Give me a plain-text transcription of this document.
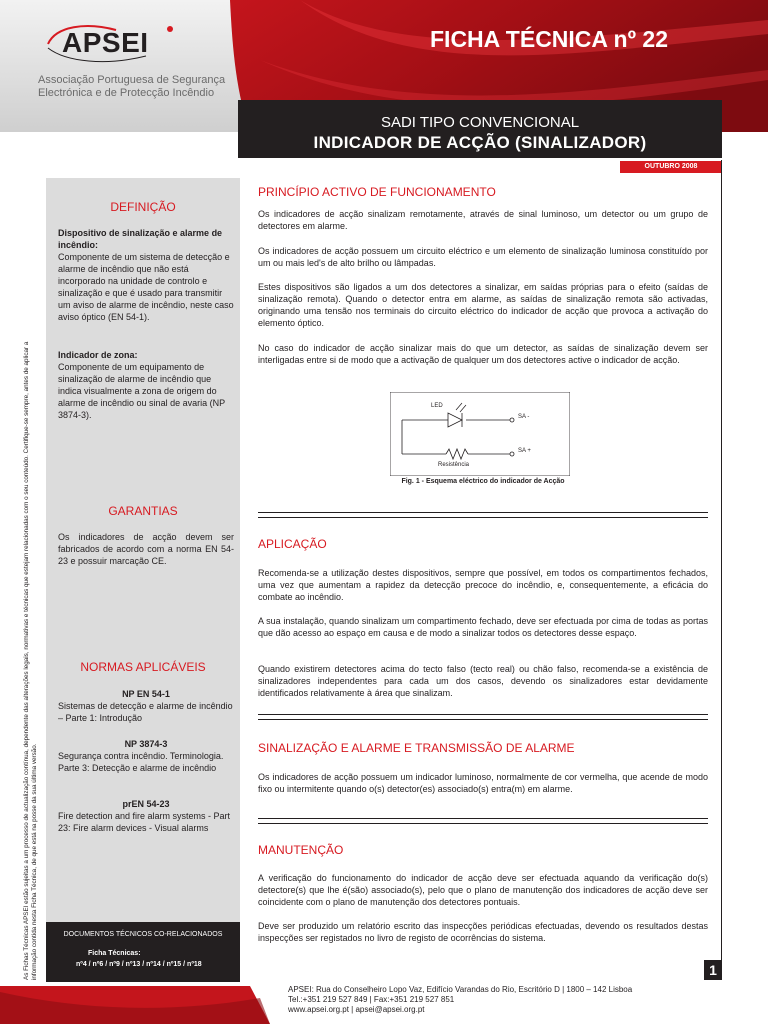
APSEI
Associação Portuguesa de Segurança
Electrónica e de Protecção Incêndio
FICHA TÉCNICA nº 22
SADI TIPO CONVENCIONAL
INDICADOR DE ACÇÃO (SINALIZADOR)
OUTUBRO 2008
As Fichas Técnicas APSEI estão sujeitas a um processo de actualização contínua, dependente das alterações legais, normativas e técnicas que estejam relacionadas com o seu conteúdo. Certifique-se sempre, antes de aplicar a informação contida nesta Ficha Técnica, de que está na posse da sua última versão.
DEFINIÇÃO
Dispositivo de sinalização e alarme de incêndio:
Componente de um sistema de detecção e alarme de incêndio que não está incorporado na unidade de controlo e sinalização e que é usado para transmitir um aviso de alarme de incêndio, neste caso aviso óptico (EN 54-1).
Indicador de zona:
Componente de um equipamento de sinalização de alarme de incêndio que indica visualmente a zona de origem do alarme de incêndio ou sinal de avaria (NP 3874-3).
GARANTIAS
Os indicadores de acção devem ser fabricados de acordo com a norma EN 54-23 e possuir marcação CE.
NORMAS APLICÁVEIS
NP EN 54-1
Sistemas de detecção e alarme de incêndio – Parte 1: Introdução
NP 3874-3
Segurança contra incêndio. Terminologia. Parte 3: Detecção e alarme de incêndio
prEN 54-23
Fire detection and fire alarm systems - Part 23: Fire alarm devices - Visual alarms
DOCUMENTOS TÉCNICOS CO-RELACIONADOS
Ficha Técnicas:
nº4 / nº6 / nº9 / nº13 / nº14 / nº15 / nº18
PRINCÍPIO ACTIVO DE FUNCIONAMENTO
Os indicadores de acção sinalizam remotamente, através de sinal luminoso, um detector ou um grupo de detectores em alarme.
Os indicadores de acção possuem um circuito eléctrico e um elemento de sinalização luminosa constituído por um ou mais led's de alto brilho ou lâmpadas.
Estes dispositivos são ligados a um dos detectores a sinalizar, em saídas próprias para o efeito (saídas de sinalização remota). Quando o detector entra em alarme, as saídas de sinalização remota são activadas, originando uma tensão nos terminais do circuito eléctrico do indicador de acção que provoca a activação do elemento óptico.
No caso do indicador de acção sinalizar mais do que um detector, as saídas de sinalização devem ser interligadas entre si de modo que a activação de qualquer um dos detectores active o indicador de acção.
LED
SA -
SA +
Resistência
Fig. 1 - Esquema eléctrico do indicador de Acção
APLICAÇÃO
Recomenda-se a utilização destes dispositivos, sempre que possível, em todos os compartimentos fechados, uma vez que aumentam a rapidez da detecção precoce do incêndio, e, consequentemente, a eficácia do combate ao incêndio.
A sua instalação, quando sinalizam um compartimento fechado, deve ser efectuada por cima de todas as portas que dão acesso ao espaço em causa e de modo a sinalizar todos os detectores desse espaço.
Quando existirem detectores acima do tecto falso (tecto real) ou chão falso, recomenda-se a existência de sinalizadores independentes para cada um dos casos, devendo os sinalizadores estar devidamente identificados relativamente à área que sinalizam.
SINALIZAÇÃO E ALARME E TRANSMISSÃO DE ALARME
Os indicadores de acção possuem um indicador luminoso, normalmente de cor vermelha, que acende de modo fixo ou intermitente quando o(s) detector(es) associado(s) entra(m) em alarme.
MANUTENÇÃO
A verificação do funcionamento do indicador de acção deve ser efectuada aquando da verificação do(s) detectore(s) que lhe é(são) associado(s), pelo que o plano de manutenção dos indicadores de acção deve ser coincidente com o plano de manutenção dos detectores pontuais.
Deve ser produzido um relatório escrito das inspecções periódicas efectuadas, devendo os resultados destas inspecções ser registados no livro de registo de ocorrências do sistema.
1
APSEI: Rua do Conselheiro Lopo Vaz, Edifício Varandas do Rio, Escritório D | 1800 – 142 Lisboa
Tel.:+351 219 527 849 | Fax:+351 219 527 851
www.apsei.org.pt | apsei@apsei.org.pt
